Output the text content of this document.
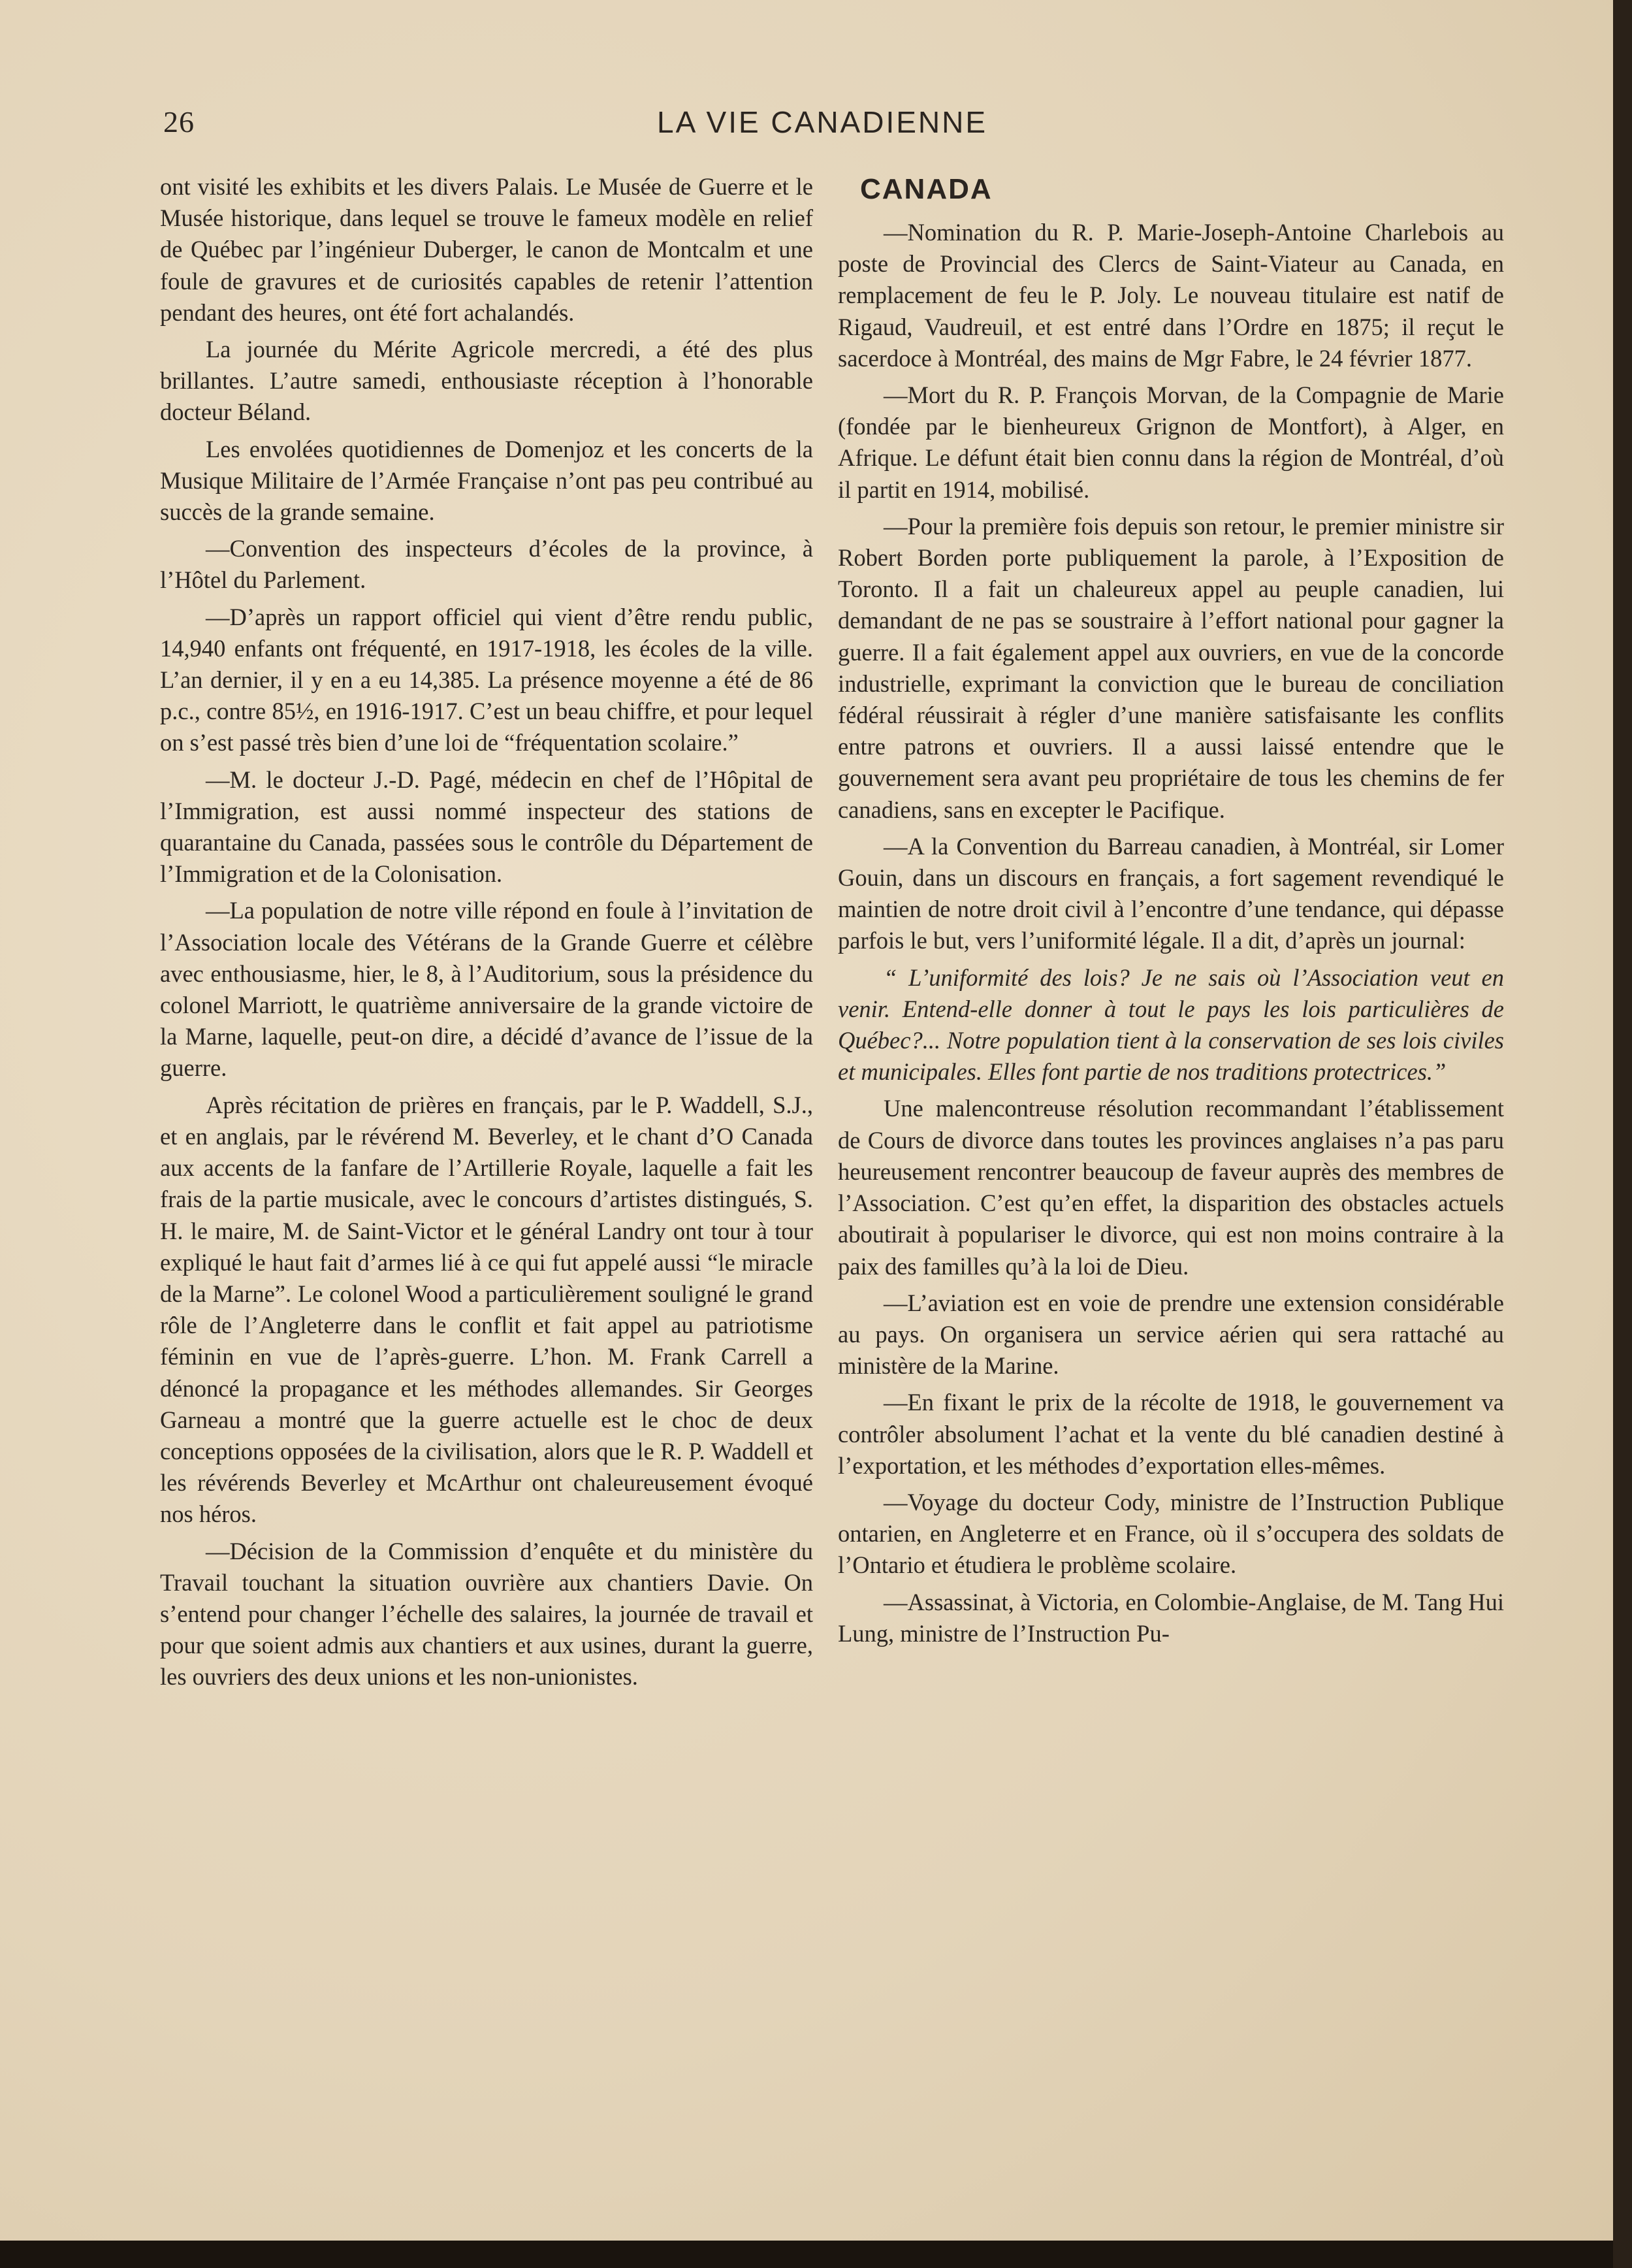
26	LA VIE CANADIENNE

ont visité les exhibits et les divers Palais. Le Musée de Guerre et le Musée historique, dans lequel se trouve le fameux modèle en relief de Québec par l’ingénieur Duberger, le canon de Montcalm et une foule de gravures et de curiosités capables de retenir l’attention pendant des heures, ont été fort achalandés.

La journée du Mérite Agricole mercredi, a été des plus brillantes. L’autre samedi, enthousiaste réception à l’honorable docteur Béland.

Les envolées quotidiennes de Domenjoz et les concerts de la Musique Militaire de l’Armée Française n’ont pas peu contribué au succès de la grande semaine.

—Convention des inspecteurs d’écoles de la province, à l’Hôtel du Parlement.

—D’après un rapport officiel qui vient d’être rendu public, 14,940 enfants ont fréquenté, en 1917-1918, les écoles de la ville. L’an dernier, il y en a eu 14,385. La présence moyenne a été de 86 p.c., contre 85½, en 1916-1917. C’est un beau chiffre, et pour lequel on s’est passé très bien d’une loi de “fréquentation scolaire.”

—M. le docteur J.-D. Pagé, médecin en chef de l’Hôpital de l’Immigration, est aussi nommé inspecteur des stations de quarantaine du Canada, passées sous le contrôle du Département de l’Immigration et de la Colonisation.

—La population de notre ville répond en foule à l’invitation de l’Association locale des Vétérans de la Grande Guerre et célèbre avec enthousiasme, hier, le 8, à l’Auditorium, sous la présidence du colonel Marriott, le quatrième anniversaire de la grande victoire de la Marne, laquelle, peut-on dire, a décidé d’avance de l’issue de la guerre.

Après récitation de prières en français, par le P. Waddell, S.J., et en anglais, par le révérend M. Beverley, et le chant d’O Canada aux accents de la fanfare de l’Artillerie Royale, laquelle a fait les frais de la partie musicale, avec le concours d’artistes distingués, S. H. le maire, M. de Saint-Victor et le général Landry ont tour à tour expliqué le haut fait d’armes lié à ce qui fut appelé aussi “le miracle de la Marne”. Le colonel Wood a particulièrement souligné le grand rôle de l’Angleterre dans le conflit et fait appel au patriotisme féminin en vue de l’après-guerre. L’hon. M. Frank Carrell a dénoncé la propagance et les méthodes allemandes. Sir Georges Garneau a montré que la guerre actuelle est le choc de deux conceptions opposées de la civilisation, alors que le R. P. Waddell et les révérends Beverley et McArthur ont chaleureusement évoqué nos héros.

—Décision de la Commission d’enquête et du ministère du Travail touchant la situation ouvrière aux chantiers Davie. On s’entend pour changer l’échelle des salaires, la journée de travail et pour que soient admis aux chantiers et aux usines, durant la guerre, les ouvriers des deux unions et les non-unionistes.

CANADA

—Nomination du R. P. Marie-Joseph-Antoine Charlebois au poste de Provincial des Clercs de Saint-Viateur au Canada, en remplacement de feu le P. Joly. Le nouveau titulaire est natif de Rigaud, Vaudreuil, et est entré dans l’Ordre en 1875; il reçut le sacerdoce à Montréal, des mains de Mgr Fabre, le 24 février 1877.

—Mort du R. P. François Morvan, de la Compagnie de Marie (fondée par le bienheureux Grignon de Montfort), à Alger, en Afrique. Le défunt était bien connu dans la région de Montréal, d’où il partit en 1914, mobilisé.

—Pour la première fois depuis son retour, le premier ministre sir Robert Borden porte publiquement la parole, à l’Exposition de Toronto. Il a fait un chaleureux appel au peuple canadien, lui demandant de ne pas se soustraire à l’effort national pour gagner la guerre. Il a fait également appel aux ouvriers, en vue de la concorde industrielle, exprimant la conviction que le bureau de conciliation fédéral réussirait à régler d’une manière satisfaisante les conflits entre patrons et ouvriers. Il a aussi laissé entendre que le gouvernement sera avant peu propriétaire de tous les chemins de fer canadiens, sans en excepter le Pacifique.

—A la Convention du Barreau canadien, à Montréal, sir Lomer Gouin, dans un discours en français, a fort sagement revendiqué le maintien de notre droit civil à l’encontre d’une tendance, qui dépasse parfois le but, vers l’uniformité légale. Il a dit, d’après un journal:

“ L’uniformité des lois? Je ne sais où l’Association veut en venir. Entend-elle donner à tout le pays les lois particulières de Québec?... Notre population tient à la conservation de ses lois civiles et municipales. Elles font partie de nos traditions protectrices.”

Une malencontreuse résolution recommandant l’établissement de Cours de divorce dans toutes les provinces anglaises n’a pas paru heureusement rencontrer beaucoup de faveur auprès des membres de l’Association. C’est qu’en effet, la disparition des obstacles actuels aboutirait à populariser le divorce, qui est non moins contraire à la paix des familles qu’à la loi de Dieu.

—L’aviation est en voie de prendre une extension considérable au pays. On organisera un service aérien qui sera rattaché au ministère de la Marine.

—En fixant le prix de la récolte de 1918, le gouvernement va contrôler absolument l’achat et la vente du blé canadien destiné à l’exportation, et les méthodes d’exportation elles-mêmes.

—Voyage du docteur Cody, ministre de l’Instruction Publique ontarien, en Angleterre et en France, où il s’occupera des soldats de l’Ontario et étudiera le problème scolaire.

—Assassinat, à Victoria, en Colombie-Anglaise, de M. Tang Hui Lung, ministre de l’Instruction Pu-
